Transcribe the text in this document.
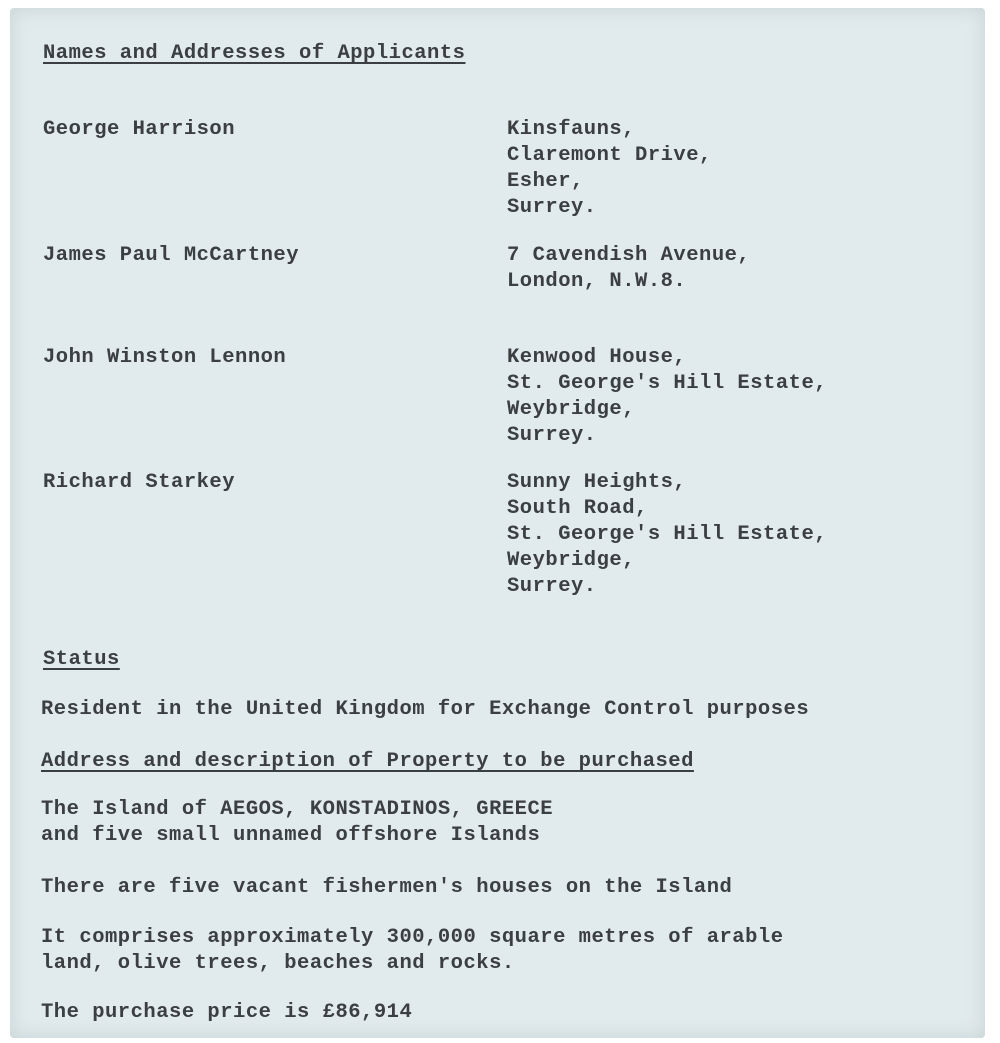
Names and Addresses of Applicants

George Harrison	Kinsfauns,
Claremont Drive,
Esher,
Surrey.

James Paul McCartney	7 Cavendish Avenue,
London, N.W.8.

John Winston Lennon	Kenwood House,
St. George's Hill Estate,
Weybridge,
Surrey.

Richard Starkey	Sunny Heights,
South Road,
St. George's Hill Estate,
Weybridge,
Surrey.

Status

Resident in the United Kingdom for Exchange Control purposes

Address and description of Property to be purchased

The Island of AEGOS, KONSTADINOS, GREECE
and five small unnamed offshore Islands

There are five vacant fishermen's houses on the Island

It comprises approximately 300,000 square metres of arable
land, olive trees, beaches and rocks.

The purchase price is £86,914
